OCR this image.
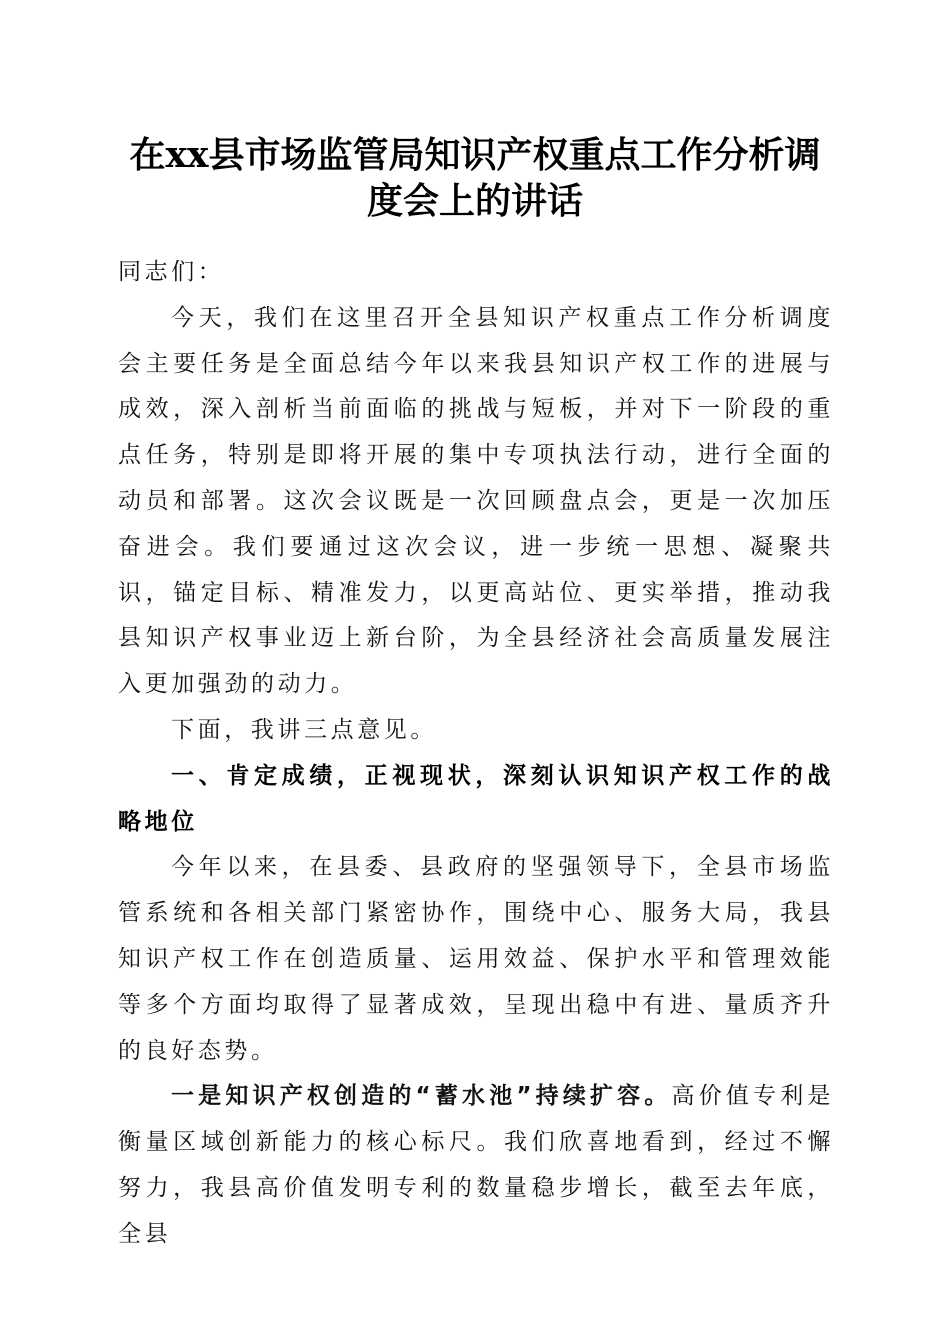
在xx县市场监管局知识产权重点工作分析调
度会上的讲话

同志们：

今天，我们在这里召开全县知识产权重点工作分析调度会主要任务是全面总结今年以来我县知识产权工作的进展与成效，深入剖析当前面临的挑战与短板，并对下一阶段的重点任务，特别是即将开展的集中专项执法行动，进行全面的动员和部署。这次会议既是一次回顾盘点会，更是一次加压奋进会。我们要通过这次会议，进一步统一思想、凝聚共识，锚定目标、精准发力，以更高站位、更实举措，推动我县知识产权事业迈上新台阶，为全县经济社会高质量发展注入更加强劲的动力。

下面，我讲三点意见。

一、肯定成绩，正视现状，深刻认识知识产权工作的战略地位

今年以来，在县委、县政府的坚强领导下，全县市场监管系统和各相关部门紧密协作，围绕中心、服务大局，我县知识产权工作在创造质量、运用效益、保护水平和管理效能等多个方面均取得了显著成效，呈现出稳中有进、量质齐升的良好态势。

一是知识产权创造的“蓄水池”持续扩容。高价值专利是衡量区域创新能力的核心标尺。我们欣喜地看到，经过不懈努力，我县高价值发明专利的数量稳步增长，截至去年底，全县
